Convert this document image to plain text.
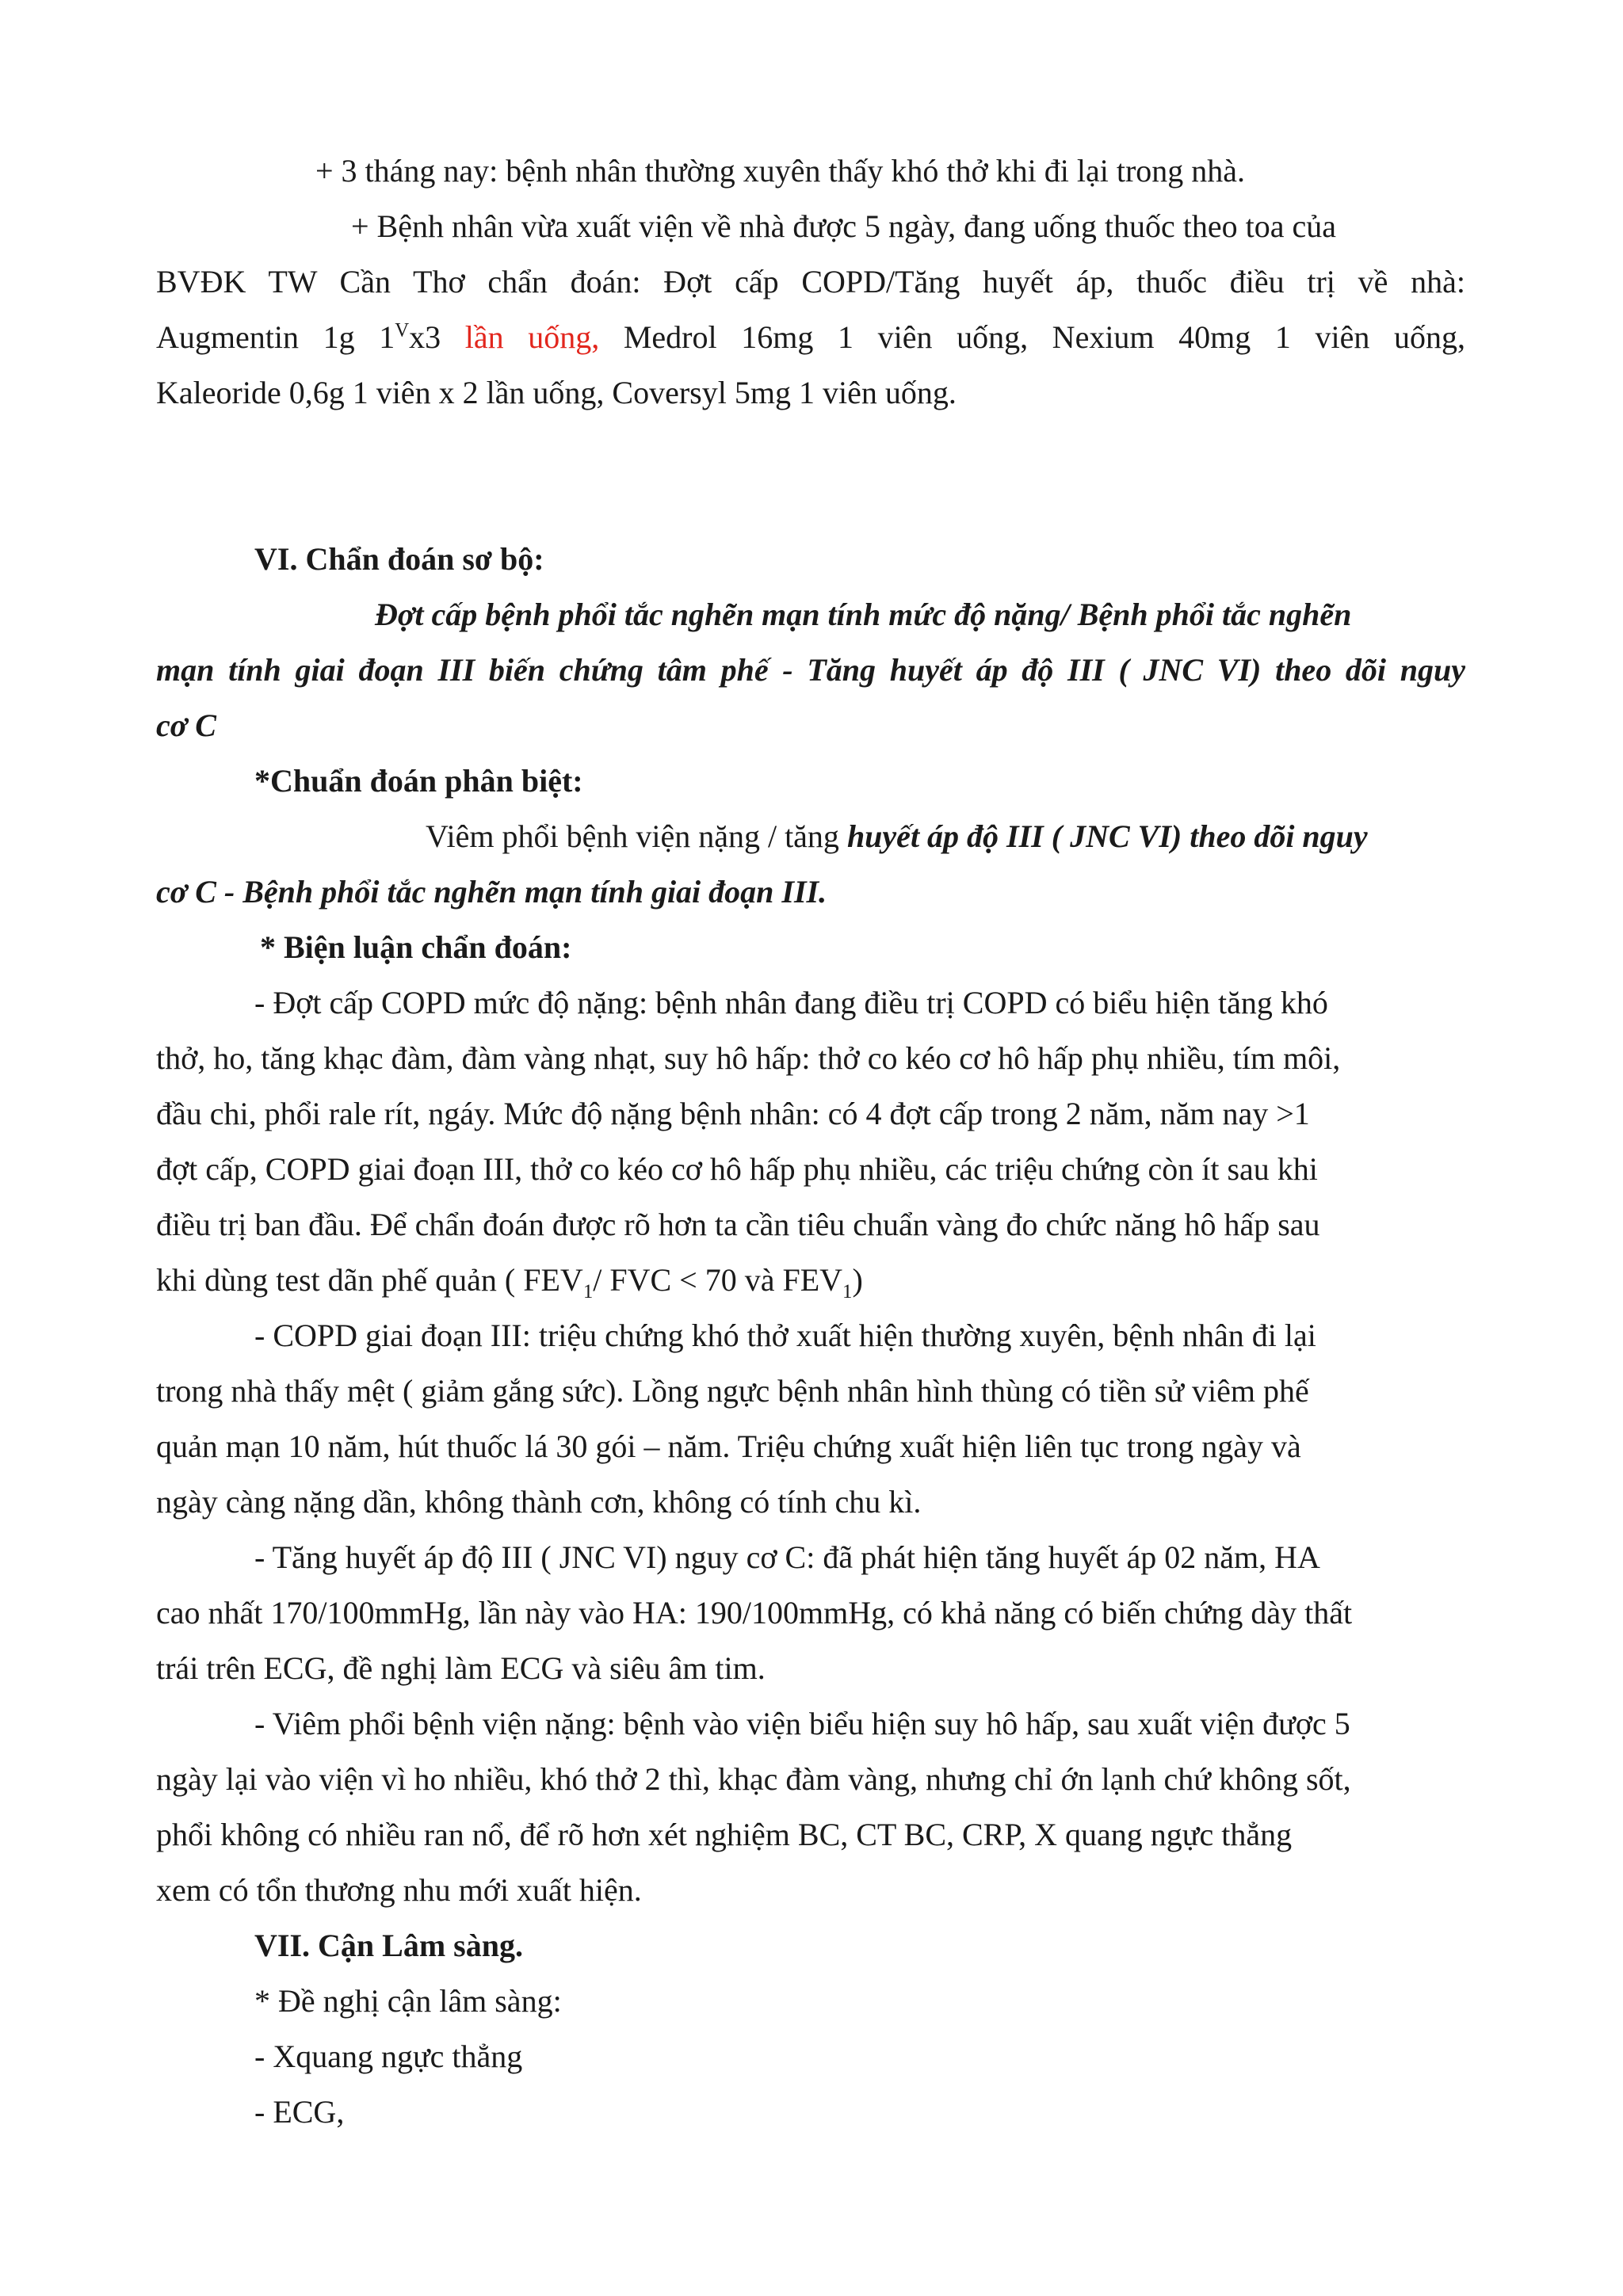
+ 3 tháng nay: bệnh nhân thường xuyên thấy khó thở khi đi lại trong nhà.
+ Bệnh nhân vừa xuất viện về nhà được 5 ngày, đang uống thuốc theo toa của
BVĐK TW Cần Thơ chẩn đoán: Đợt cấp COPD/Tăng huyết áp, thuốc điều trị về nhà:
Augmentin 1g $1^Vx3$ lần uống, Medrol 16mg 1 viên uống, Nexium 40mg 1 viên uống,
Kaleoride 0,6g 1 viên x 2 lần uống, Coversyl 5mg 1 viên uống.
VI. Chẩn đoán sơ bộ:
Đợt cấp bệnh phổi tắc nghẽn mạn tính mức độ nặng/ Bệnh phổi tắc nghẽn
mạn tính giai đoạn III biến chứng tâm phế - Tăng huyết áp độ III ( JNC VI) theo dõi nguy
cơ C
*Chuẩn đoán phân biệt:
Viêm phổi bệnh viện nặng / tăng huyết áp độ III ( JNC VI) theo dõi nguy
cơ C - Bệnh phổi tắc nghẽn mạn tính giai đoạn III.
* Biện luận chẩn đoán:
- Đợt cấp COPD mức độ nặng: bệnh nhân đang điều trị COPD có biểu hiện tăng khó
thở, ho, tăng khạc đàm, đàm vàng nhạt, suy hô hấp: thở co kéo cơ hô hấp phụ nhiều, tím môi,
đầu chi, phổi rale rít, ngáy. Mức độ nặng bệnh nhân: có 4 đợt cấp trong 2 năm, năm nay >1
đợt cấp, COPD giai đoạn III, thở co kéo cơ hô hấp phụ nhiều, các triệu chứng còn ít sau khi
điều trị ban đầu. Để chẩn đoán được rõ hơn ta cần tiêu chuẩn vàng đo chức năng hô hấp sau
khi dùng test dãn phế quản ( $FEV_1/$ FVC < 70 và $FEV_1$)
- COPD giai đoạn III: triệu chứng khó thở xuất hiện thường xuyên, bệnh nhân đi lại
trong nhà thấy mệt ( giảm gắng sức). Lồng ngực bệnh nhân hình thùng có tiền sử viêm phế
quản mạn 10 năm, hút thuốc lá 30 gói – năm. Triệu chứng xuất hiện liên tục trong ngày và
ngày càng nặng dần, không thành cơn, không có tính chu kì.
- Tăng huyết áp độ III ( JNC VI) nguy cơ C: đã phát hiện tăng huyết áp 02 năm, HA
cao nhất 170/100mmHg, lần này vào HA: 190/100mmHg, có khả năng có biến chứng dày thất
trái trên ECG, đề nghị làm ECG và siêu âm tim.
- Viêm phổi bệnh viện nặng: bệnh vào viện biểu hiện suy hô hấp, sau xuất viện được 5
ngày lại vào viện vì ho nhiều, khó thở 2 thì, khạc đàm vàng, nhưng chỉ ớn lạnh chứ không sốt,
phổi không có nhiều ran nổ, để rõ hơn xét nghiệm BC, CT BC, CRP, X quang ngực thẳng
xem có tổn thương nhu mới xuất hiện.
VII. Cận Lâm sàng.
* Đề nghị cận lâm sàng:
- Xquang ngực thẳng
- ECG,
